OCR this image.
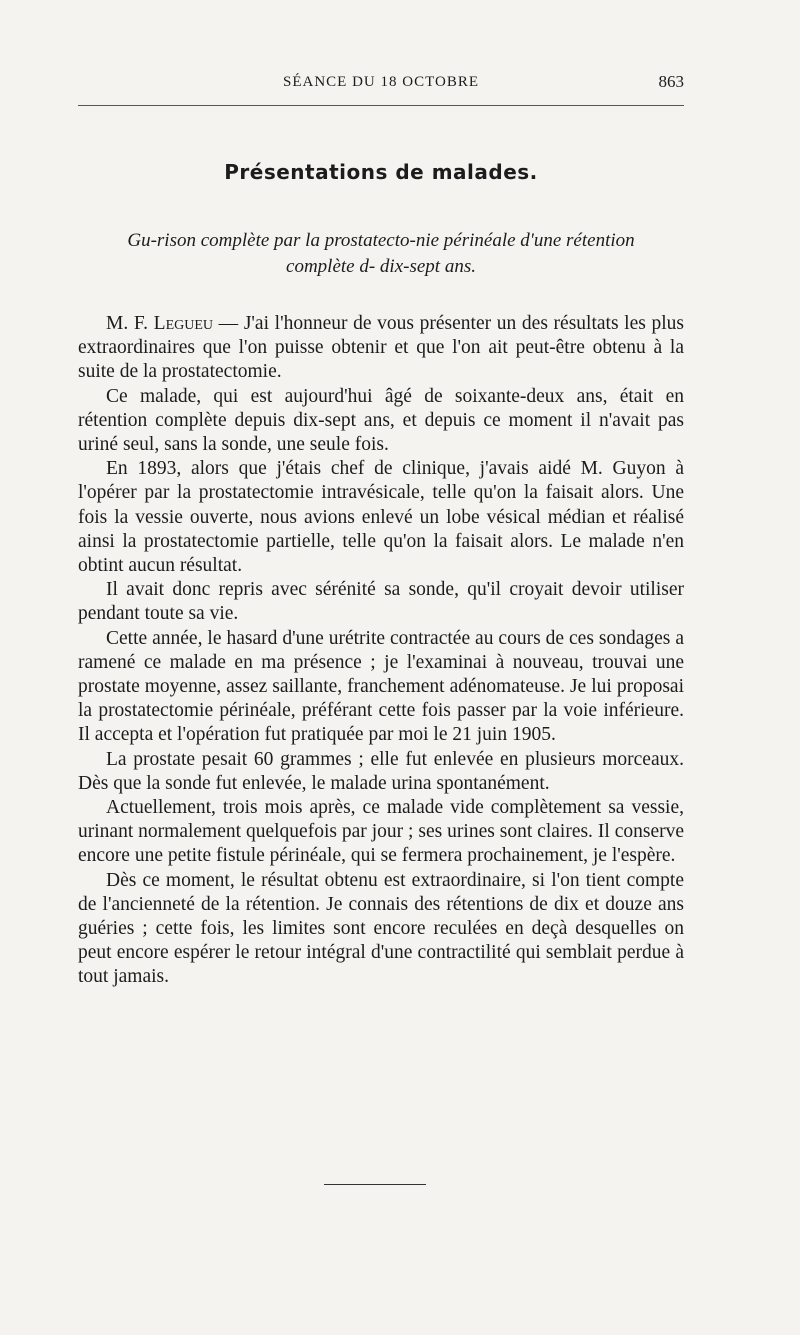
SÉANCE DU 18 OCTOBRE	863
Présentations de malades.
Gu‑rison complète par la prostatecto‑nie périnéale d'une rétention
complète d‑ dix-sept ans.

M. F. Legueu — J'ai l'honneur de vous présenter un des résultats les plus extraordinaires que l'on puisse obtenir et que l'on ait peut-être obtenu à la suite de la prostatectomie.

Ce malade, qui est aujourd'hui âgé de soixante-deux ans, était en rétention complète depuis dix-sept ans, et depuis ce moment il n'avait pas uriné seul, sans la sonde, une seule fois.

En 1893, alors que j'étais chef de clinique, j'avais aidé M. Guyon à l'opérer par la prostatectomie intravésicale, telle qu'on la faisait alors. Une fois la vessie ouverte, nous avions enlevé un lobe vésical médian et réalisé ainsi la prostatectomie partielle, telle qu'on la faisait alors. Le malade n'en obtint aucun résultat.

Il avait donc repris avec sérénité sa sonde, qu'il croyait devoir utiliser pendant toute sa vie.

Cette année, le hasard d'une urétrite contractée au cours de ces sondages a ramené ce malade en ma présence ; je l'examinai à nouveau, trouvai une prostate moyenne, assez saillante, franchement adénomateuse. Je lui proposai la prostatectomie périnéale, préférant cette fois passer par la voie inférieure. Il accepta et l'opération fut pratiquée par moi le 21 juin 1905.

La prostate pesait 60 grammes ; elle fut enlevée en plusieurs morceaux. Dès que la sonde fut enlevée, le malade urina spontanément.

Actuellement, trois mois après, ce malade vide complètement sa vessie, urinant normalement quelquefois par jour ; ses urines sont claires. Il conserve encore une petite fistule périnéale, qui se fermera prochainement, je l'espère.

Dès ce moment, le résultat obtenu est extraordinaire, si l'on tient compte de l'ancienneté de la rétention. Je connais des rétentions de dix et douze ans guéries ; cette fois, les limites sont encore reculées en deçà desquelles on peut encore espérer le retour intégral d'une contractilité qui semblait perdue à tout jamais.
